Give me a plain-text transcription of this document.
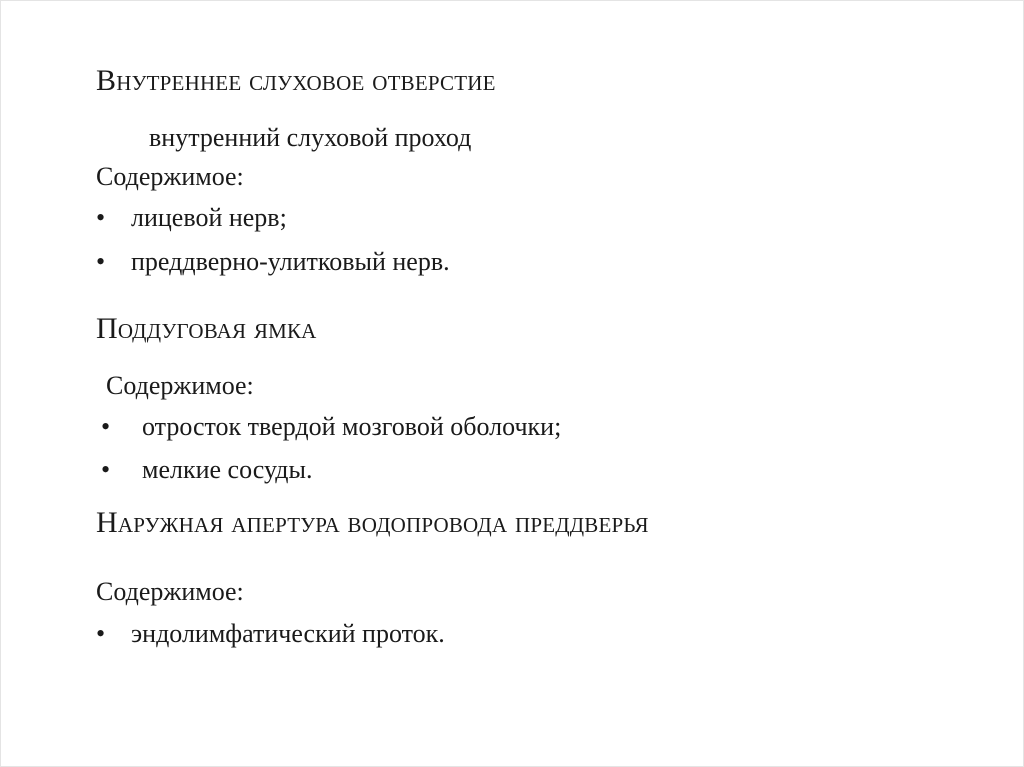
Внутреннее слуховое отверстие
внутренний слуховой проход
Содержимое:
• лицевой нерв;
• преддверно-улитковый нерв.
Поддуговая ямка
Содержимое:
• отросток твердой мозговой оболочки;
• мелкие сосуды.
Наружная апертура водопровода преддверья
Содержимое:
• эндолимфатический проток.
